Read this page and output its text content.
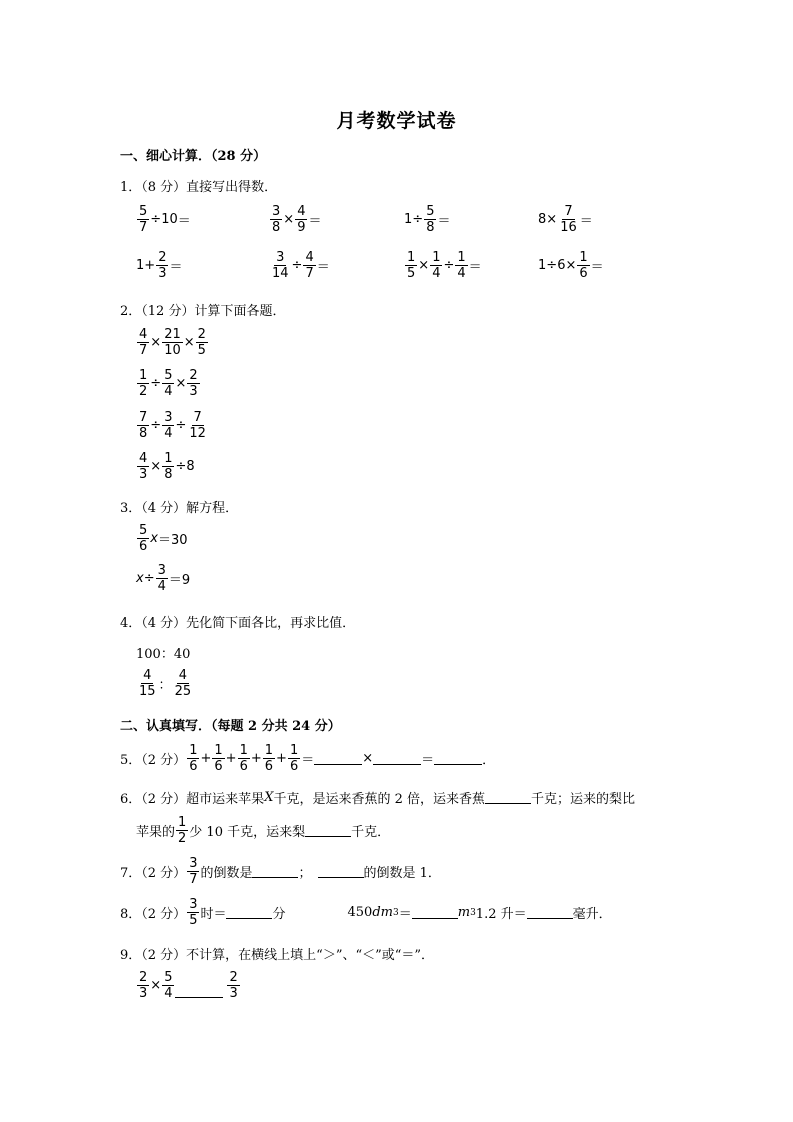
月考数学试卷
一、细心计算．（28 分）
1．（8 分）直接写出得数．
$\frac{5}{7} \div 10$ ＝	$\frac{3}{8} \times \frac{4}{9}$ ＝	$1 \div \frac{5}{8}$ ＝	$8 \times \frac{7}{16}$ ＝
$1 + \frac{2}{3}$ ＝	$\frac{3}{14} \div \frac{4}{7}$ ＝	$\frac{1}{5} \times \frac{1}{4} \div \frac{1}{4}$ ＝	$1 \div 6 \times \frac{1}{6}$ ＝
2．（12 分）计算下面各题．
$\frac{4}{7} \times \frac{21}{10} \times \frac{2}{5}$
$\frac{1}{2} \div \frac{5}{4} \times \frac{2}{3}$
$\frac{7}{8} \div \frac{3}{4} \div \frac{7}{12}$
$\frac{4}{3} \times \frac{1}{8} \div 8$
3．（4 分）解方程．
$\frac{5}{6}$ x ＝30
$x \div \frac{3}{4} =9$
4．（4 分）先化简下面各比，再求比值．
100：40
$\frac{4}{15}$ ： $\frac{4}{25}$
二、认真填写．（每题 2 分共 24 分）
5．（2 分） $\frac{1}{6} + \frac{1}{6} + \frac{1}{6} + \frac{1}{6} + \frac{1}{6}$ ＝	×	＝	．
6．（2 分）超市运来苹果 X 千克，是运来香蕉的 2 倍，运来香蕉	千克；运来的梨比
苹果的 $\frac{1}{2}$ 少 10 千克，运来梨	千克．
7．（2 分） $\frac{3}{7}$ 的倒数是	；	的倒数是 1．
8．（2 分） $\frac{3}{5}$ 时＝	分	450 dm 3 ＝	m 3 1.2 升＝	毫升．
9．（2 分）不计算，在横线上填上“＞”、“＜”或“＝”．
$\frac{2}{3} \times \frac{5}{4}$	$\frac{2}{3}$
